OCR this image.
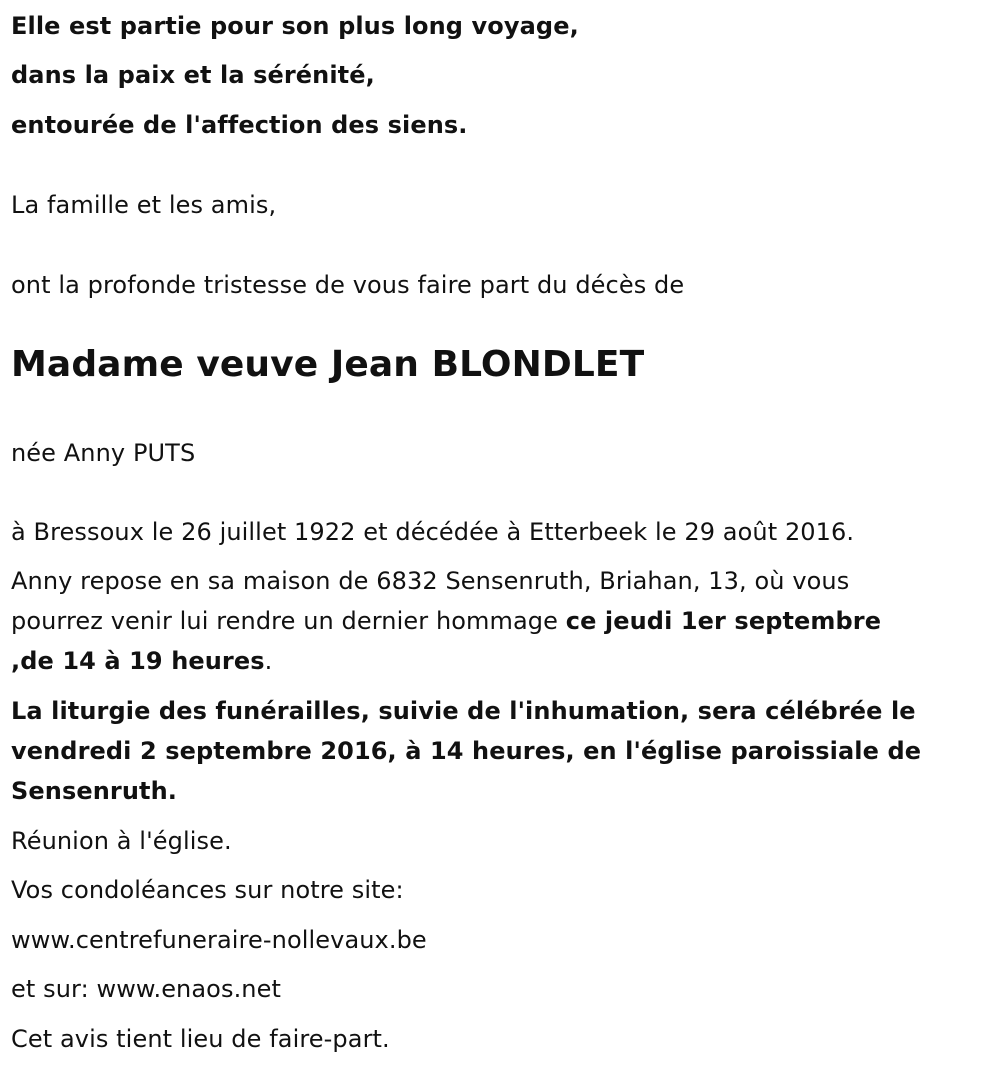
Elle est partie pour son plus long voyage,

dans la paix et la sérénité,

entourée de l'affection des siens.

La famille et les amis,

ont la profonde tristesse de vous faire part du décès de

Madame veuve Jean BLONDLET

née Anny PUTS

à Bressoux le 26 juillet 1922 et décédée à Etterbeek le 29 août 2016.

Anny repose en sa maison de 6832 Sensenruth, Briahan, 13, où vous

pourrez venir lui rendre un dernier hommage ce jeudi 1er septembre

,de 14 à 19 heures.

La liturgie des funérailles, suivie de l'inhumation, sera célébrée le

vendredi 2 septembre 2016, à 14 heures, en l'église paroissiale de

Sensenruth.

Réunion à l'église.

Vos condoléances sur notre site:

www.centrefuneraire-nollevaux.be

et sur: www.enaos.net

Cet avis tient lieu de faire-part.
